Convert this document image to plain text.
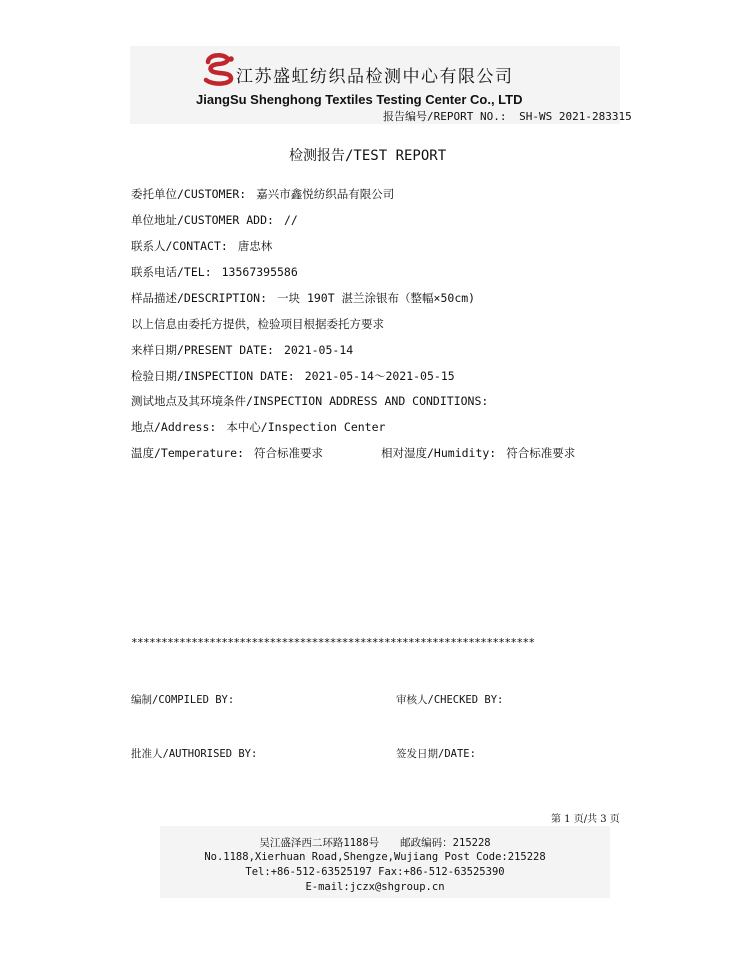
江苏盛虹纺织品检测中心有限公司
JiangSu Shenghong Textiles Testing Center Co., LTD
报告编号/REPORT NO.: SH-WS 2021-283315
检测报告/TEST REPORT
委托单位/CUSTOMER: 嘉兴市鑫悦纺织品有限公司
单位地址/CUSTOMER ADD: //
联系人/CONTACT: 唐忠林
联系电话/TEL: 13567395586
样品描述/DESCRIPTION: 一块 190T 湛兰涂银布（整幅×50cm)
以上信息由委托方提供，检验项目根据委托方要求
来样日期/PRESENT DATE: 2021-05-14
检验日期/INSPECTION DATE: 2021-05-14～2021-05-15
测试地点及其环境条件/INSPECTION ADDRESS AND CONDITIONS:
地点/Address: 本中心/Inspection Center
温度/Temperature: 符合标准要求	相对湿度/Humidity: 符合标准要求
*******************************************************************
编制/COMPILED BY:	审核人/CHECKED BY:
批准人/AUTHORISED BY:	签发日期/DATE:
第 1 页/共 3 页
吴江盛泽西二环路1188号　　邮政编码：215228
No.1188,Xierhuan Road,Shengze,Wujiang Post Code:215228
Tel:+86-512-63525197 Fax:+86-512-63525390
E-mail:jczx@shgroup.cn
